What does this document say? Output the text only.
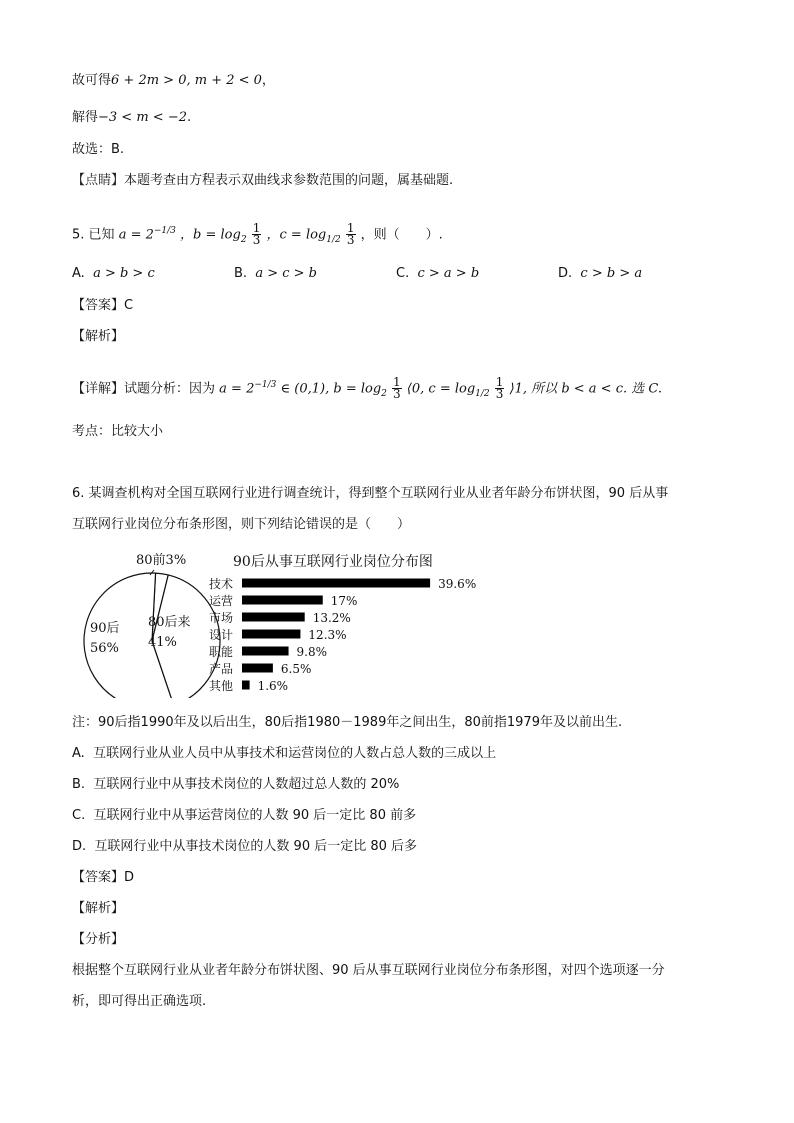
故可得6 + 2m > 0, m + 2 < 0，
解得−3 < m < −2.
故选：B.
【点睛】本题考查由方程表示双曲线求参数范围的问题，属基础题.
5. 已知 $a = 2^{-1/3}$ ，$b = \log_2 \frac{1}{3}$ ，$c = \log_{1/2} \frac{1}{3}$ ，则（　　）.
A. a > b > c	B. a > c > b	C. c > a > b	D. c > b > a
【答案】C
【解析】
【详解】试题分析：因为 $a = 2^{-1/3}$ ∈ (0,1), $b = \log_2 \frac{1}{3}$ ⟨0, $c = \log_{1/2} \frac{1}{3}$ ⟩1, 所以 b < a < c. 选 C.
考点：比较大小
6. 某调查机构对全国互联网行业进行调查统计，得到整个互联网行业从业者年龄分布饼状图，90 后从事
互联网行业岗位分布条形图，则下列结论错误的是（　　）
90后
56%
80后来
41%
80前3%	90后从事互联网行业岗位分布图
技术	39.6%
运营	17%
市场	13.2%
设计	12.3%
职能	9.8%
产品	6.5%
其他 1.6%
注：90后指1990年及以后出生，80后指1980－1989年之间出生，80前指1979年及以前出生.
A. 互联网行业从业人员中从事技术和运营岗位的人数占总人数的三成以上
B. 互联网行业中从事技术岗位的人数超过总人数的 20%
C. 互联网行业中从事运营岗位的人数 90 后一定比 80 前多
D. 互联网行业中从事技术岗位的人数 90 后一定比 80 后多
【答案】D
【解析】
【分析】
根据整个互联网行业从业者年龄分布饼状图、90 后从事互联网行业岗位分布条形图，对四个选项逐一分
析，即可得出正确选项.
